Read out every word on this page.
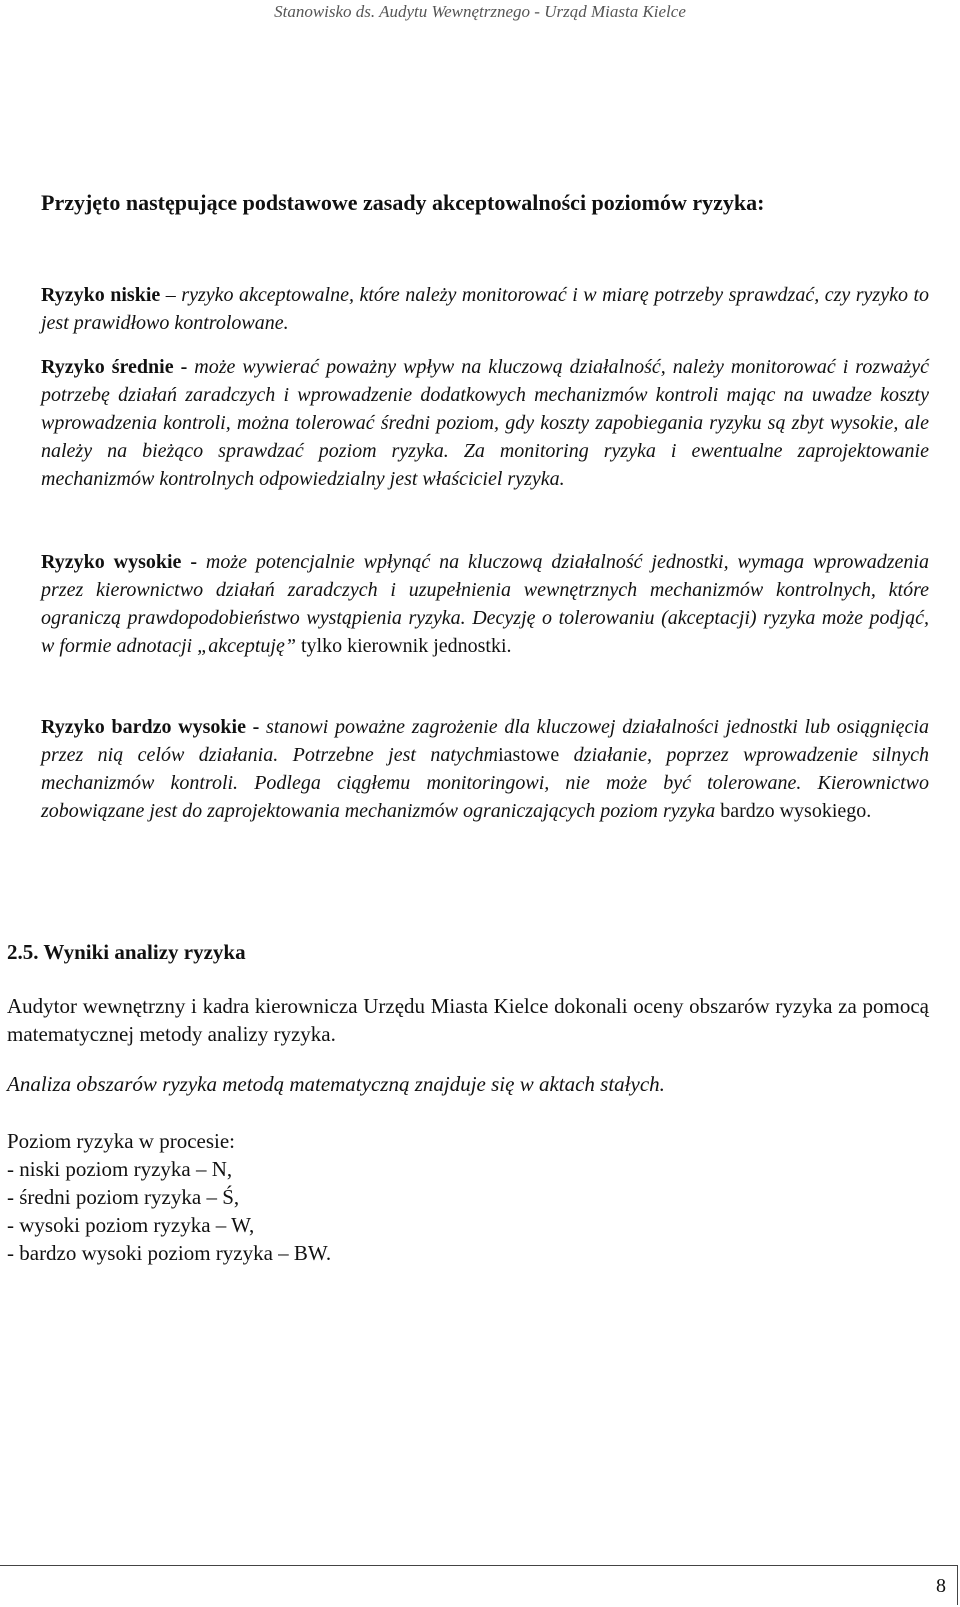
Stanowisko ds. Audytu Wewnętrznego - Urząd Miasta Kielce
Przyjęto następujące podstawowe zasady akceptowalności poziomów ryzyka:
Ryzyko niskie – ryzyko akceptowalne, które należy monitorować i w miarę potrzeby sprawdzać, czy ryzyko to jest prawidłowo kontrolowane.
Ryzyko średnie - może wywierać poważny wpływ na kluczową działalność, należy monitorować i rozważyć potrzebę działań zaradczych i wprowadzenie dodatkowych mechanizmów kontroli mając na uwadze koszty wprowadzenia kontroli, można tolerować średni poziom, gdy koszty zapobiegania ryzyku są zbyt wysokie, ale należy na bieżąco sprawdzać poziom ryzyka. Za monitoring ryzyka i ewentualne zaprojektowanie mechanizmów kontrolnych odpowiedzialny jest właściciel ryzyka.
Ryzyko wysokie - może potencjalnie wpłynąć na kluczową działalność jednostki, wymaga wprowadzenia przez kierownictwo działań zaradczych i uzupełnienia wewnętrznych mechanizmów kontrolnych, które ograniczą prawdopodobieństwo wystąpienia ryzyka. Decyzję o tolerowaniu (akceptacji) ryzyka może podjąć, w formie adnotacji „akceptuję” tylko kierownik jednostki.
Ryzyko bardzo wysokie - stanowi poważne zagrożenie dla kluczowej działalności jednostki lub osiągnięcia przez nią celów działania. Potrzebne jest natychmiastowe działanie, poprzez wprowadzenie silnych mechanizmów kontroli. Podlega ciągłemu monitoringowi, nie może być tolerowane. Kierownictwo zobowiązane jest do zaprojektowania mechanizmów ograniczających poziom ryzyka bardzo wysokiego.
2.5. Wyniki analizy ryzyka
Audytor wewnętrzny i kadra kierownicza Urzędu Miasta Kielce dokonali oceny obszarów ryzyka za pomocą matematycznej metody analizy ryzyka.
Analiza obszarów ryzyka metodą matematyczną znajduje się w aktach stałych.
Poziom ryzyka w procesie:
- niski poziom ryzyka – N,
- średni poziom ryzyka – Ś,
- wysoki poziom ryzyka – W,
- bardzo wysoki poziom ryzyka – BW.
8
